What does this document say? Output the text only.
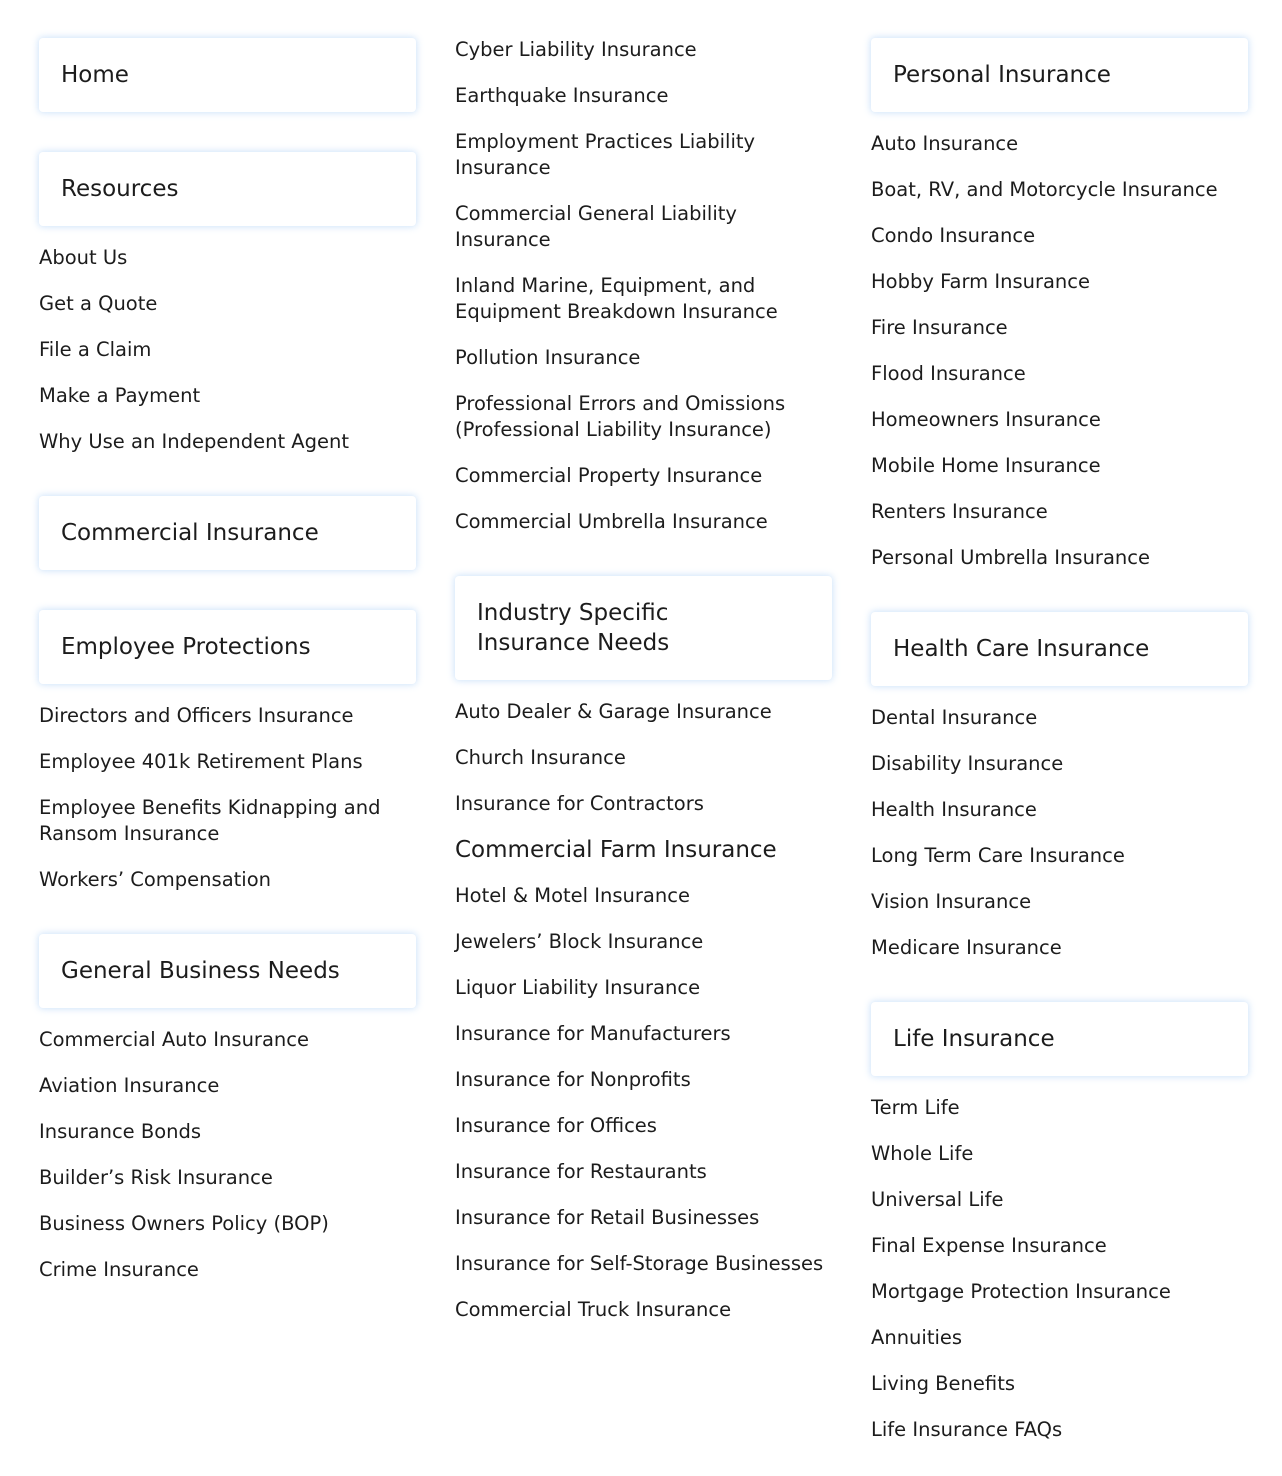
Home
Resources
About Us
Get a Quote
File a Claim
Make a Payment
Why Use an Independent Agent
Commercial Insurance
Employee Protections
Directors and Officers Insurance
Employee 401k Retirement Plans
Employee Benefits Kidnapping and Ransom Insurance
Workers’ Compensation
General Business Needs
Commercial Auto Insurance
Aviation Insurance
Insurance Bonds
Builder’s Risk Insurance
Business Owners Policy (BOP)
Crime Insurance
Cyber Liability Insurance
Earthquake Insurance
Employment Practices Liability Insurance
Commercial General Liability Insurance
Inland Marine, Equipment, and Equipment Breakdown Insurance
Pollution Insurance
Professional Errors and Omissions (Professional Liability Insurance)
Commercial Property Insurance
Commercial Umbrella Insurance
Industry Specific Insurance Needs
Auto Dealer & Garage Insurance
Church Insurance
Insurance for Contractors
Commercial Farm Insurance
Hotel & Motel Insurance
Jewelers’ Block Insurance
Liquor Liability Insurance
Insurance for Manufacturers
Insurance for Nonprofits
Insurance for Offices
Insurance for Restaurants
Insurance for Retail Businesses
Insurance for Self-Storage Businesses
Commercial Truck Insurance
Personal Insurance
Auto Insurance
Boat, RV, and Motorcycle Insurance
Condo Insurance
Hobby Farm Insurance
Fire Insurance
Flood Insurance
Homeowners Insurance
Mobile Home Insurance
Renters Insurance
Personal Umbrella Insurance
Health Care Insurance
Dental Insurance
Disability Insurance
Health Insurance
Long Term Care Insurance
Vision Insurance
Medicare Insurance
Life Insurance
Term Life
Whole Life
Universal Life
Final Expense Insurance
Mortgage Protection Insurance
Annuities
Living Benefits
Life Insurance FAQs
